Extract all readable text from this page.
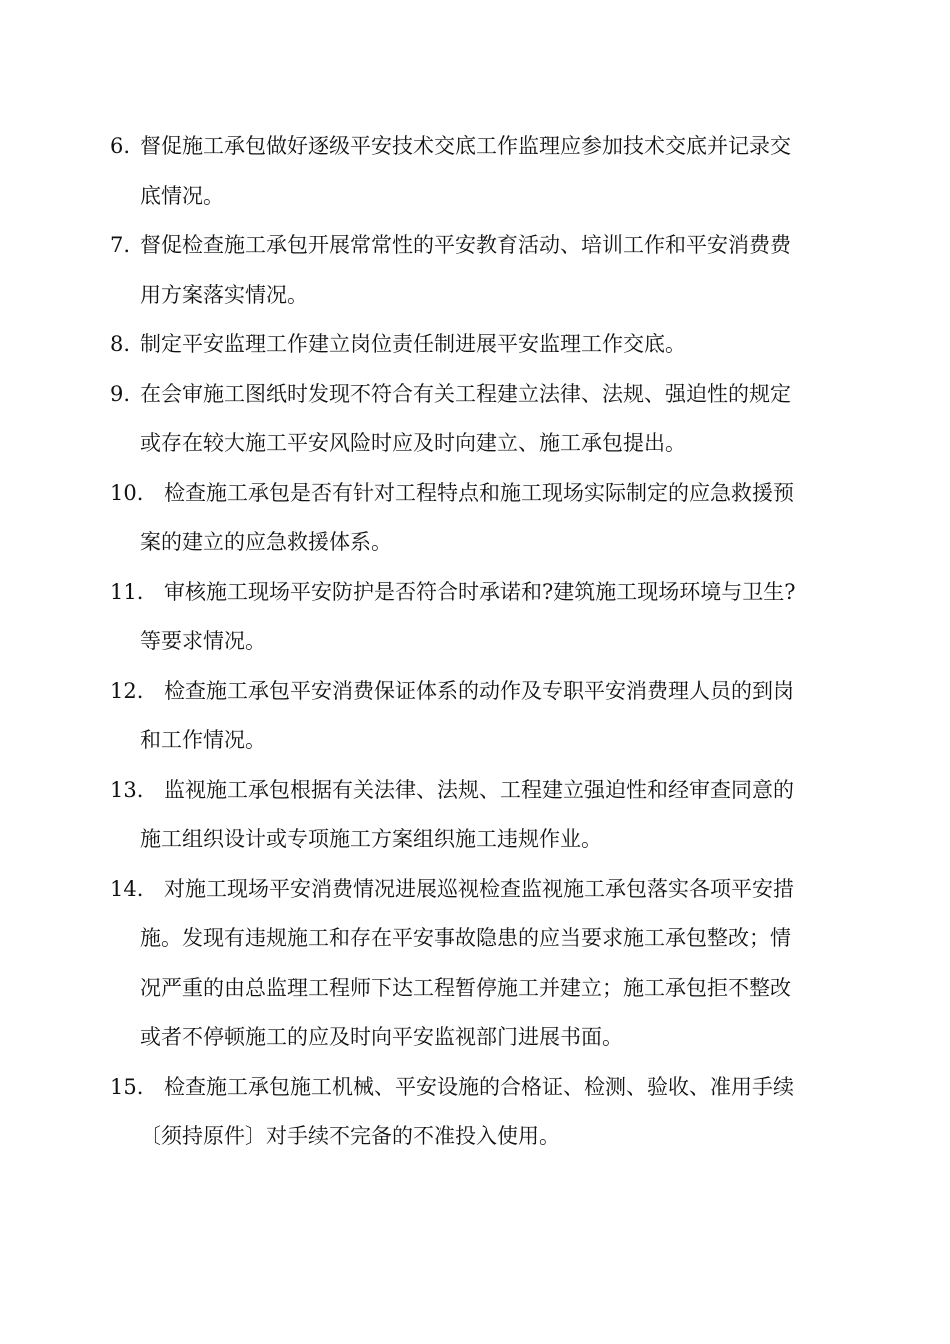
6. 督促施工承包做好逐级平安技术交底工作监理应参加技术交底并记录交
底情况。
7. 督促检查施工承包开展常常性的平安教育活动、培训工作和平安消费费
用方案落实情况。
8. 制定平安监理工作建立岗位责任制进展平安监理工作交底。
9. 在会审施工图纸时发现不符合有关工程建立法律、法规、强迫性的规定
或存在较大施工平安风险时应及时向建立、施工承包提出。
10. 检查施工承包是否有针对工程特点和施工现场实际制定的应急救援预
案的建立的应急救援体系。
11. 审核施工现场平安防护是否符合时承诺和?建筑施工现场环境与卫生?
等要求情况。
12. 检查施工承包平安消费保证体系的动作及专职平安消费理人员的到岗
和工作情况。
13. 监视施工承包根据有关法律、法规、工程建立强迫性和经审查同意的
施工组织设计或专项施工方案组织施工违规作业。
14. 对施工现场平安消费情况进展巡视检查监视施工承包落实各项平安措
施。发现有违规施工和存在平安事故隐患的应当要求施工承包整改；情
况严重的由总监理工程师下达工程暂停施工并建立；施工承包拒不整改
或者不停顿施工的应及时向平安监视部门进展书面。
15. 检查施工承包施工机械、平安设施的合格证、检测、验收、准用手续
〔须持原件〕对手续不完备的不准投入使用。
